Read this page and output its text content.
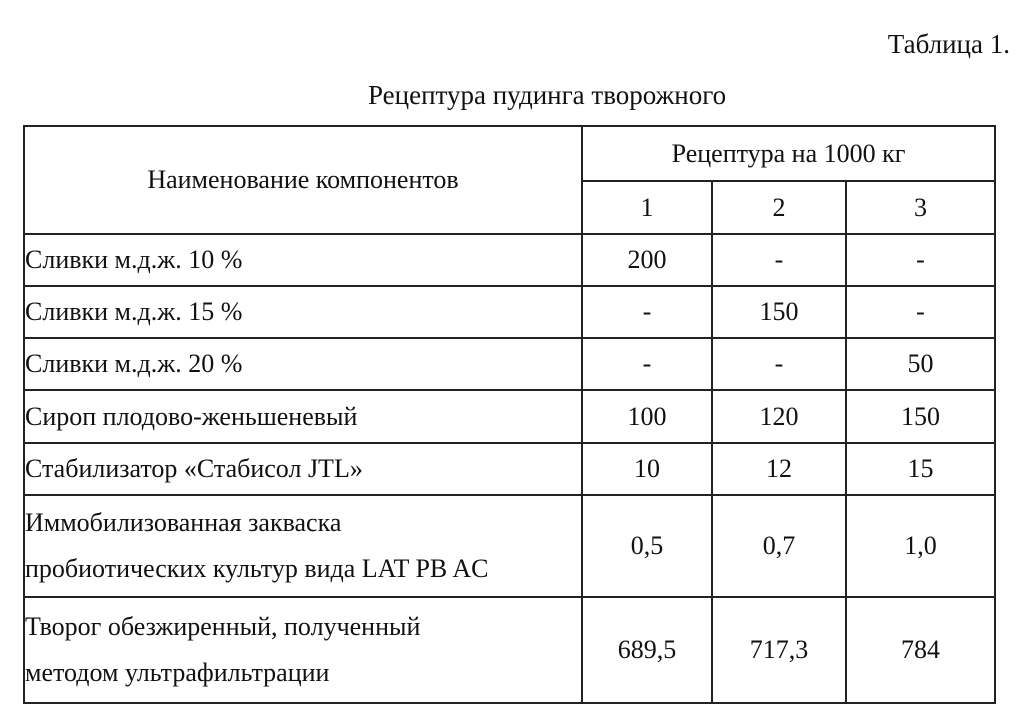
Таблица 1.
Рецептура пудинга творожного
Наименование компонентов	Рецептура на 1000 кг		
	1	2	3
Сливки м.д.ж. 10 %	200	-	-
Сливки м.д.ж. 15 %	-	150	-
Сливки м.д.ж. 20 %	-	-	50
Сироп плодово-женьшеневый	100	120	150
Стабилизатор «Стабисол JTL»	10	12	15

Иммобилизованная закваска
пробиотических культур вида LAT PB AC	0,5	0,7	1,0

Творог обезжиренный, полученный
методом ультрафильтрации	689,5	717,3	784
